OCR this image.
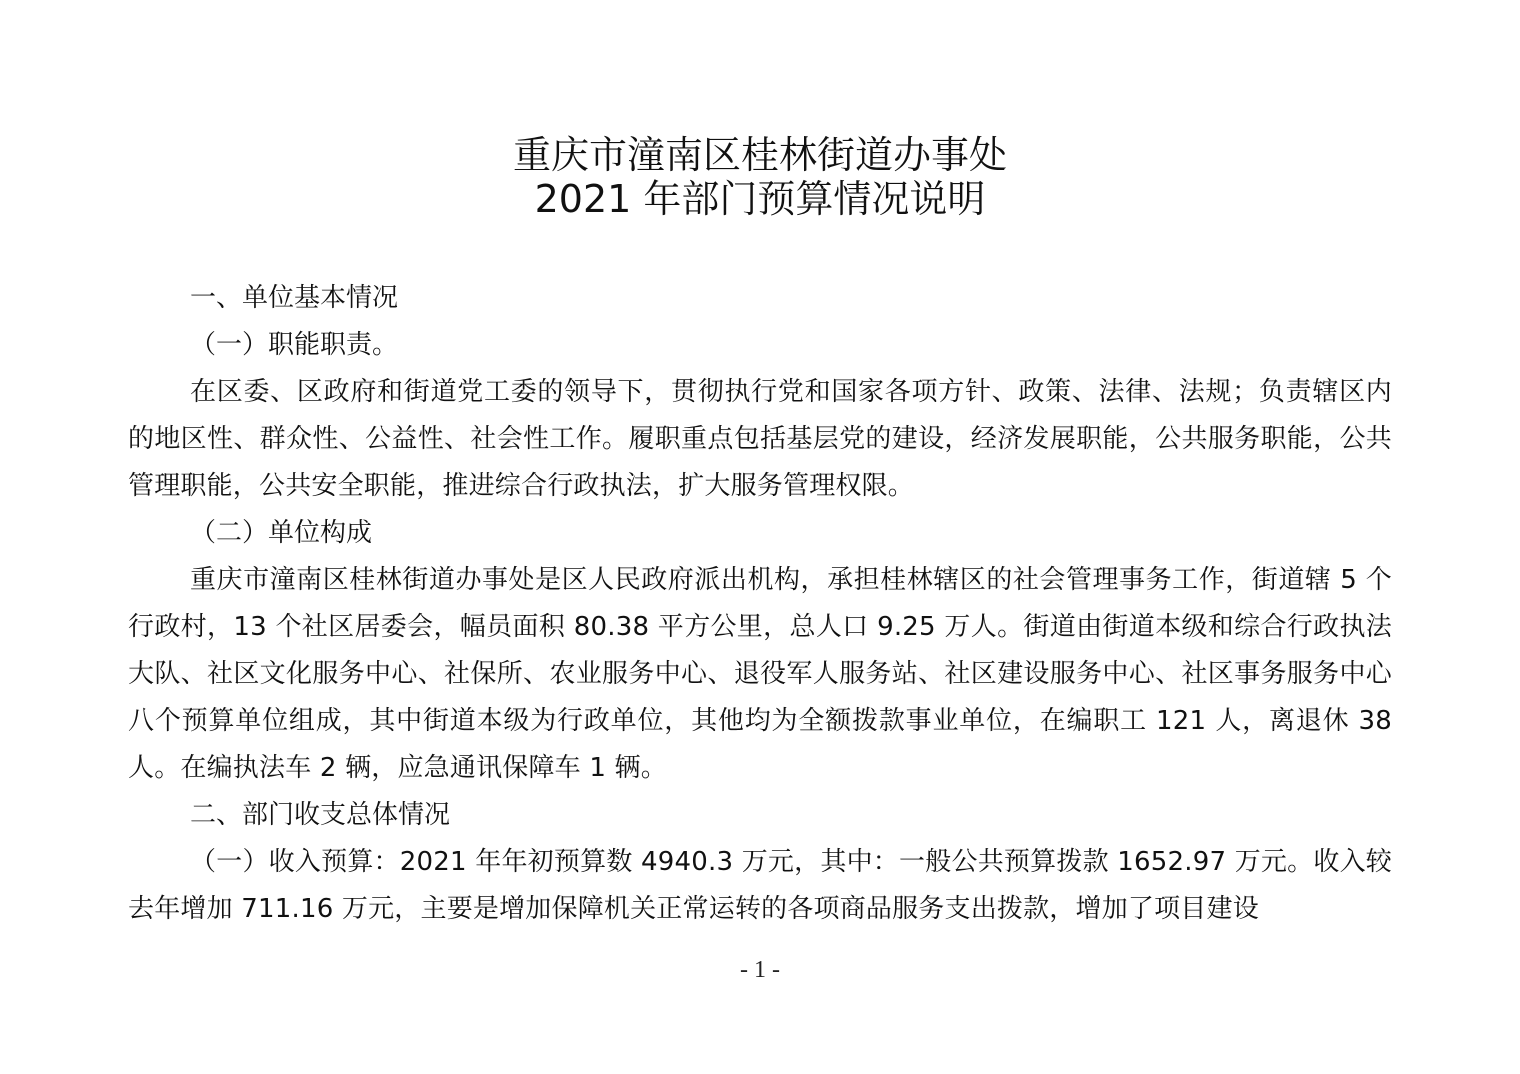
重庆市潼南区桂林街道办事处
2021 年部门预算情况说明

一、单位基本情况

（一）职能职责。

在区委、区政府和街道党工委的领导下，贯彻执行党和国家各项方针、政策、法律、法规；负责辖区内的地区性、群众性、公益性、社会性工作。履职重点包括基层党的建设，经济发展职能，公共服务职能，公共管理职能，公共安全职能，推进综合行政执法，扩大服务管理权限。

（二）单位构成

重庆市潼南区桂林街道办事处是区人民政府派出机构，承担桂林辖区的社会管理事务工作，街道辖 5 个行政村，13 个社区居委会，幅员面积 80.38 平方公里，总人口 9.25 万人。街道由街道本级和综合行政执法大队、社区文化服务中心、社保所、农业服务中心、退役军人服务站、社区建设服务中心、社区事务服务中心八个预算单位组成，其中街道本级为行政单位，其他均为全额拨款事业单位，在编职工 121 人，离退休 38 人。在编执法车 2 辆，应急通讯保障车 1 辆。

二、部门收支总体情况

（一）收入预算：2021 年年初预算数 4940.3 万元，其中：一般公共预算拨款 1652.97 万元。收入较去年增加 711.16 万元，主要是增加保障机关正常运转的各项商品服务支出拨款，增加了项目建设

- 1 -
